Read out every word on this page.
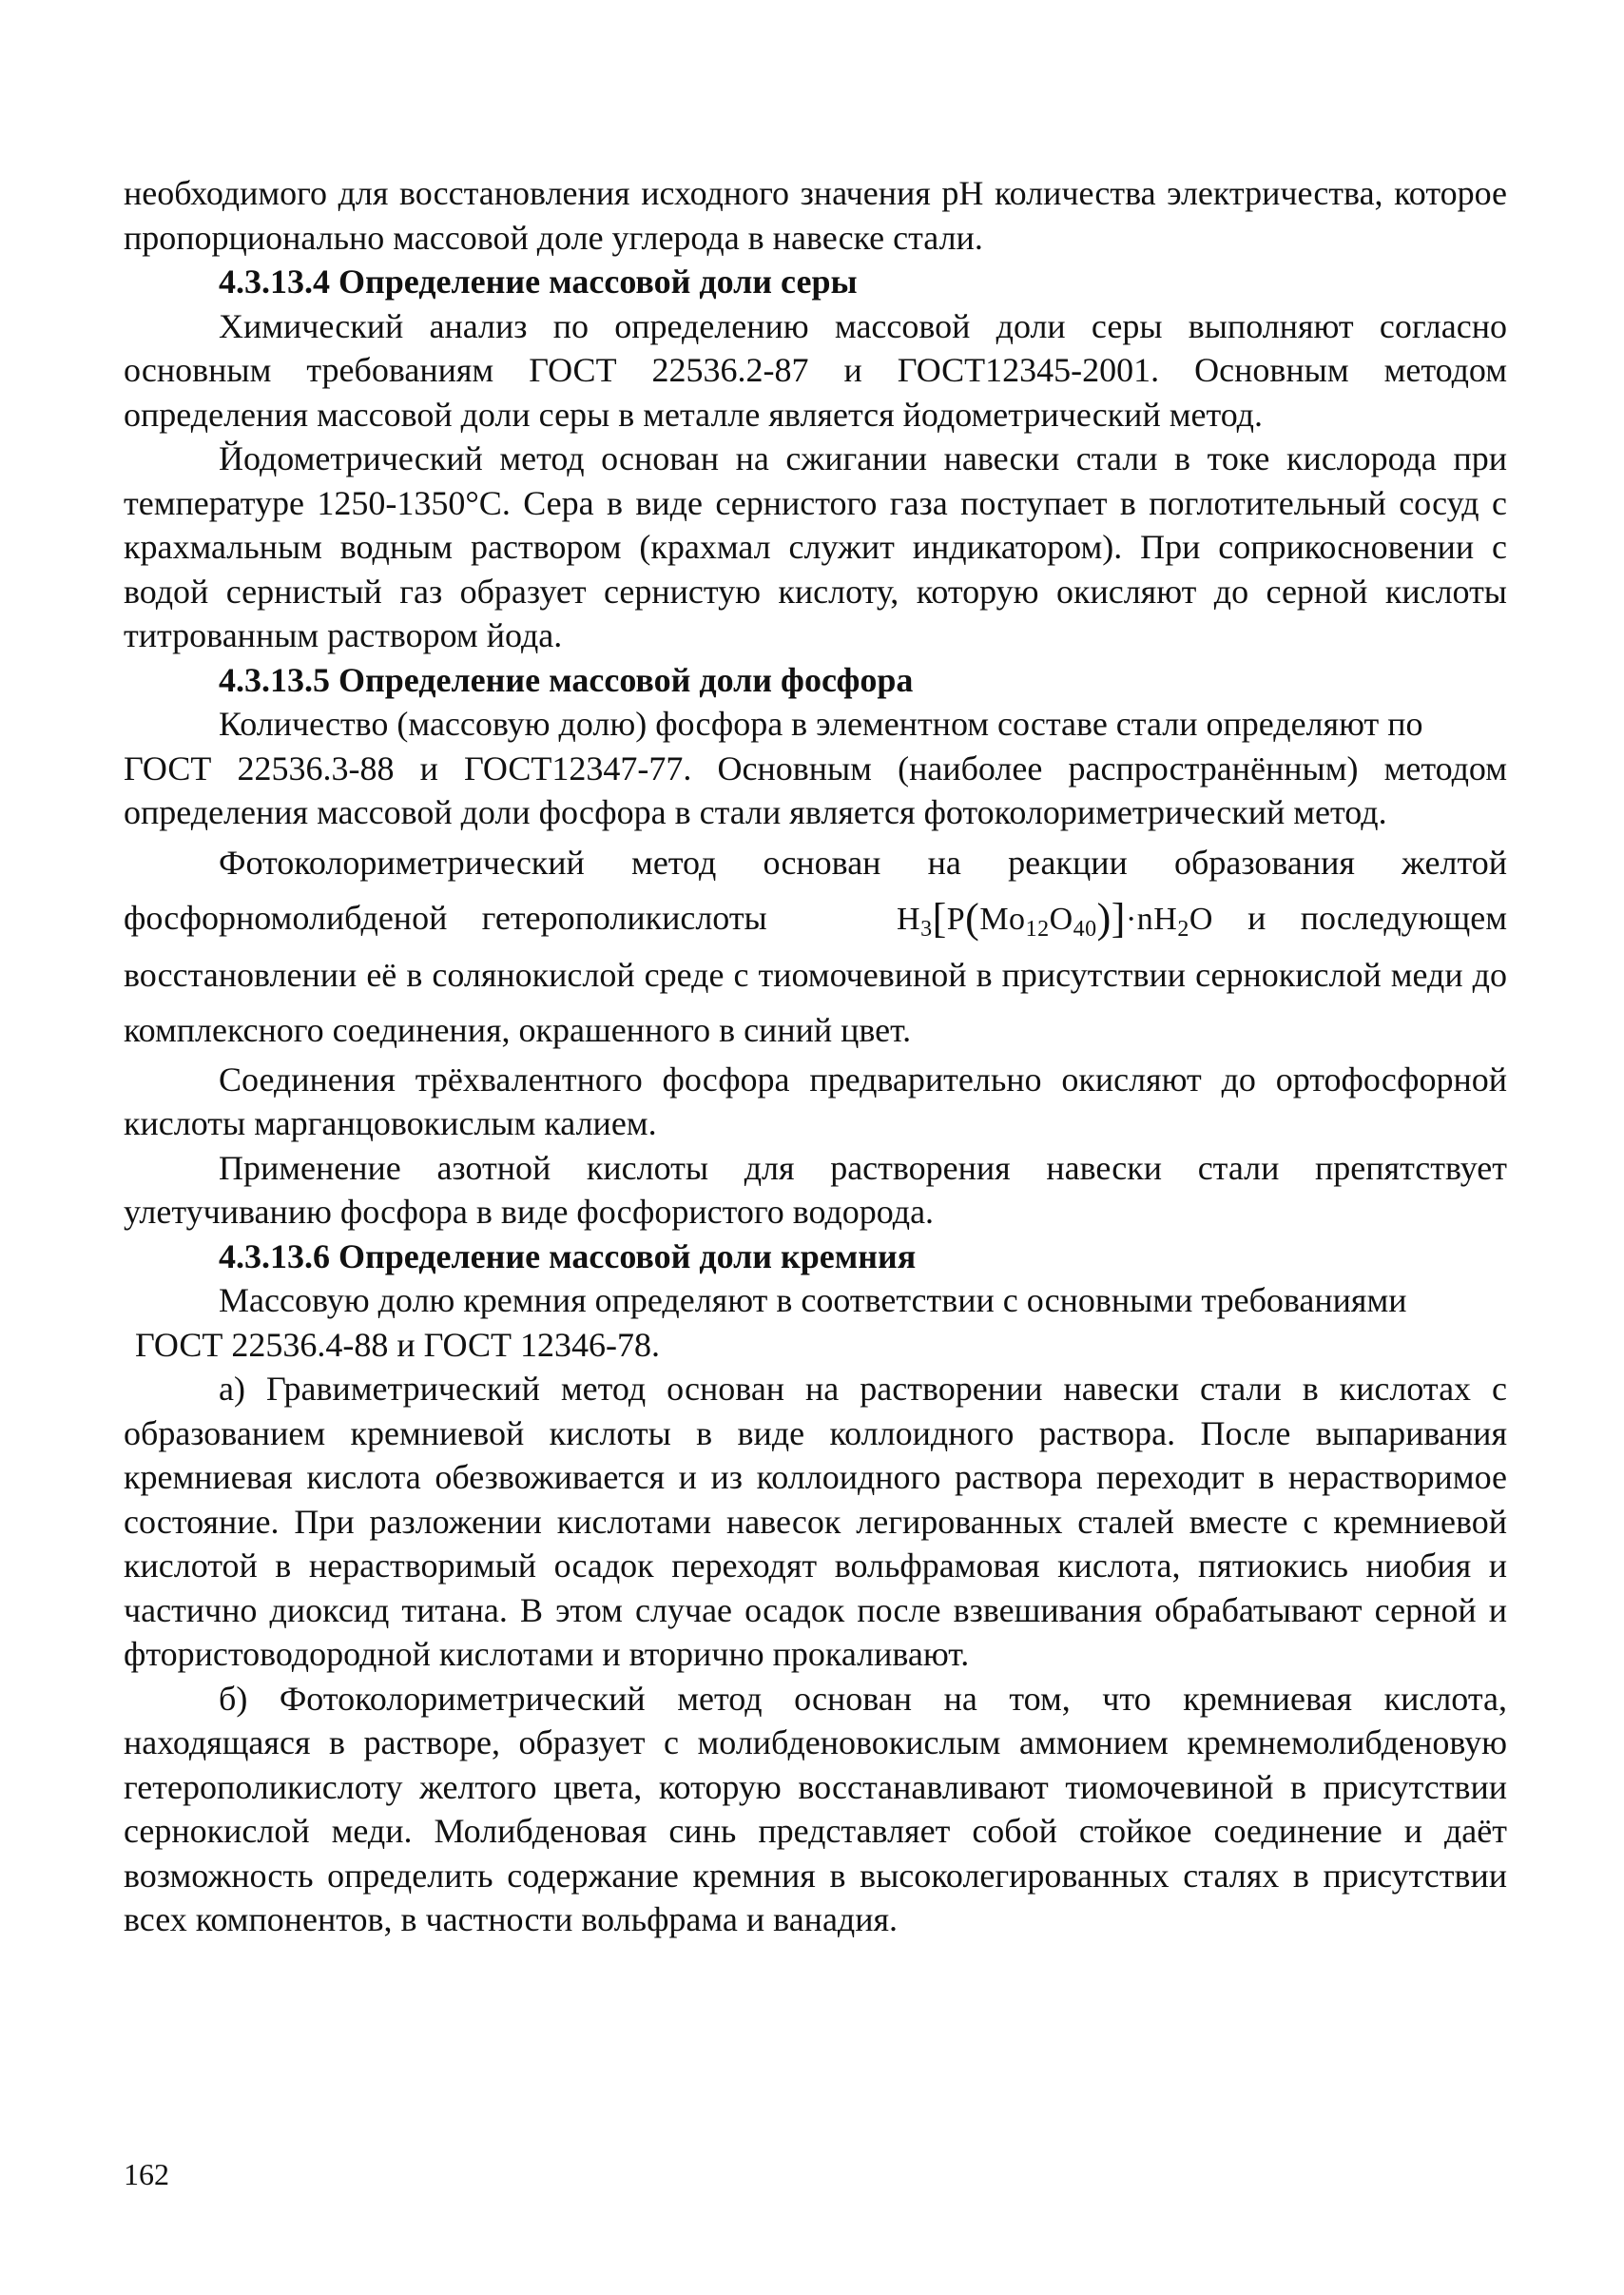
необходимого для восстановления исходного значения pH количества электричества, которое пропорционально массовой доле углерода в навеске стали.

4.3.13.4 Определение массовой доли серы

Химический анализ по определению массовой доли серы выполняют согласно основным требованиям ГОСТ 22536.2-87 и ГОСТ12345-2001. Основным методом определения массовой доли серы в металле является йодометрический метод.

Йодометрический метод основан на сжигании навески стали в токе кислорода при температуре 1250-1350°С. Сера в виде сернистого газа поступает в поглотительный сосуд с крахмальным водным раствором (крахмал служит индикатором). При соприкосновении с водой сернистый газ образует сернистую кислоту, которую окисляют до серной кислоты титрованным раствором йода.

4.3.13.5 Определение массовой доли фосфора

Количество (массовую долю) фосфора в элементном составе стали определяют по

ГОСТ 22536.3-88 и ГОСТ12347-77. Основным (наиболее распространённым) методом определения массовой доли фосфора в стали является фотоколориметрический метод.

Фотоколориметрический метод основан на реакции образования желтой фосфорномолибденой гетерополикислоты	$H_3[P(Mo_{12}O_{40})]\cdot nH_2O$ и последующем восстановлении её в солянокислой среде с тиомочевиной в присутствии сернокислой меди до комплексного соединения, окрашенного в синий цвет.

Соединения трёхвалентного фосфора предварительно окисляют до ортофосфорной кислоты марганцовокислым калием.

Применение азотной кислоты для растворения навески стали препятствует улетучиванию фосфора в виде фосфористого водорода.

4.3.13.6 Определение массовой доли кремния

Массовую долю кремния определяют в соответствии с основными требованиями

ГОСТ 22536.4-88 и ГОСТ 12346-78.

а) Гравиметрический метод основан на растворении навески стали в кислотах с образованием кремниевой кислоты в виде коллоидного раствора. После выпаривания кремниевая кислота обезвоживается и из коллоидного раствора переходит в нерастворимое состояние. При разложении кислотами навесок легированных сталей вместе с кремниевой кислотой в нерастворимый осадок переходят вольфрамовая кислота, пятиокись ниобия и частично диоксид титана. В этом случае осадок после взвешивания обрабатывают серной и фтористоводородной кислотами и вторично прокаливают.

б) Фотоколориметрический метод основан на том, что кремниевая кислота, находящаяся в растворе, образует с молибденовокислым аммонием кремнемолибденовую гетерополикислоту желтого цвета, которую восстанавливают тиомочевиной в присутствии сернокислой меди. Молибденовая синь представляет собой стойкое соединение и даёт возможность определить содержание кремния в высоколегированных сталях в присутствии всех компонентов, в частности вольфрама и ванадия.

162
